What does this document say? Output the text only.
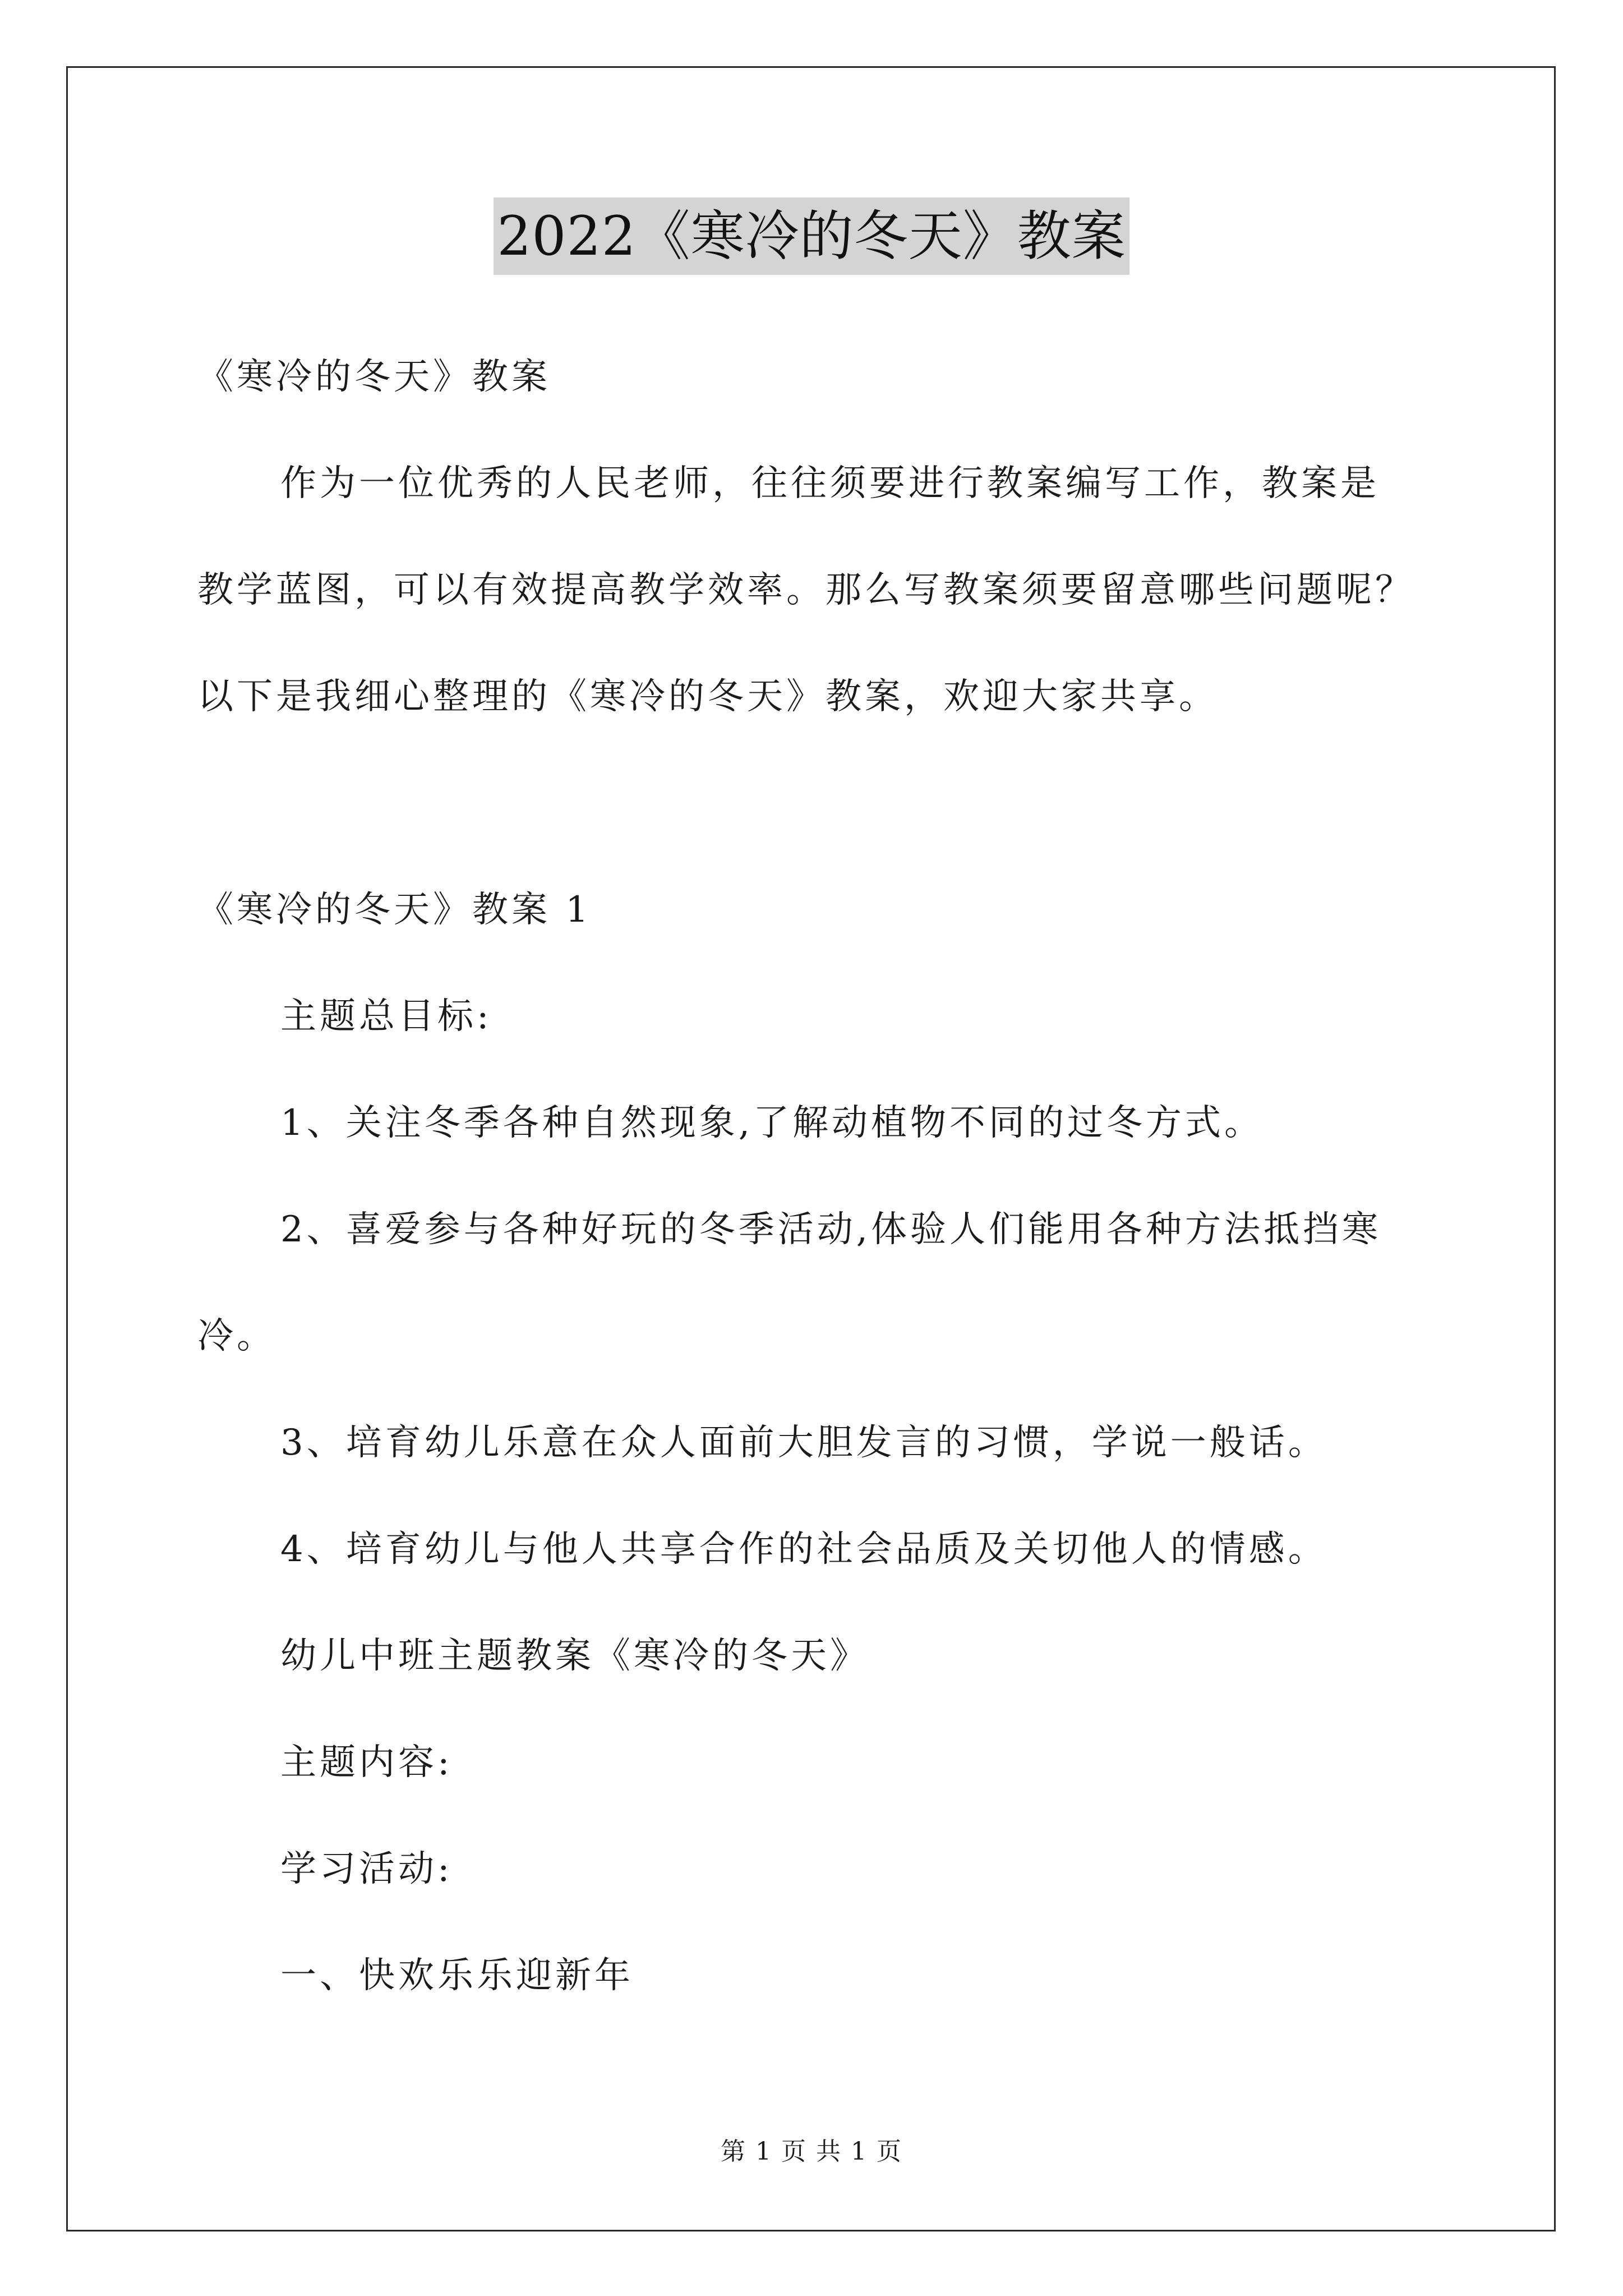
2022《寒冷的冬天》教案
《寒冷的冬天》教案
作为一位优秀的人民老师，往往须要进行教案编写工作，教案是
教学蓝图，可以有效提高教学效率。那么写教案须要留意哪些问题呢？
以下是我细心整理的《寒冷的冬天》教案，欢迎大家共享。
《寒冷的冬天》教案 1
主题总目标:
1、关注冬季各种自然现象,了解动植物不同的过冬方式。
2、喜爱参与各种好玩的冬季活动,体验人们能用各种方法抵挡寒
冷。
3、培育幼儿乐意在众人面前大胆发言的习惯，学说一般话。
4、培育幼儿与他人共享合作的社会品质及关切他人的情感。
幼儿中班主题教案《寒冷的冬天》
主题内容:
学习活动:
一、快欢乐乐迎新年
第 1 页 共 1 页
